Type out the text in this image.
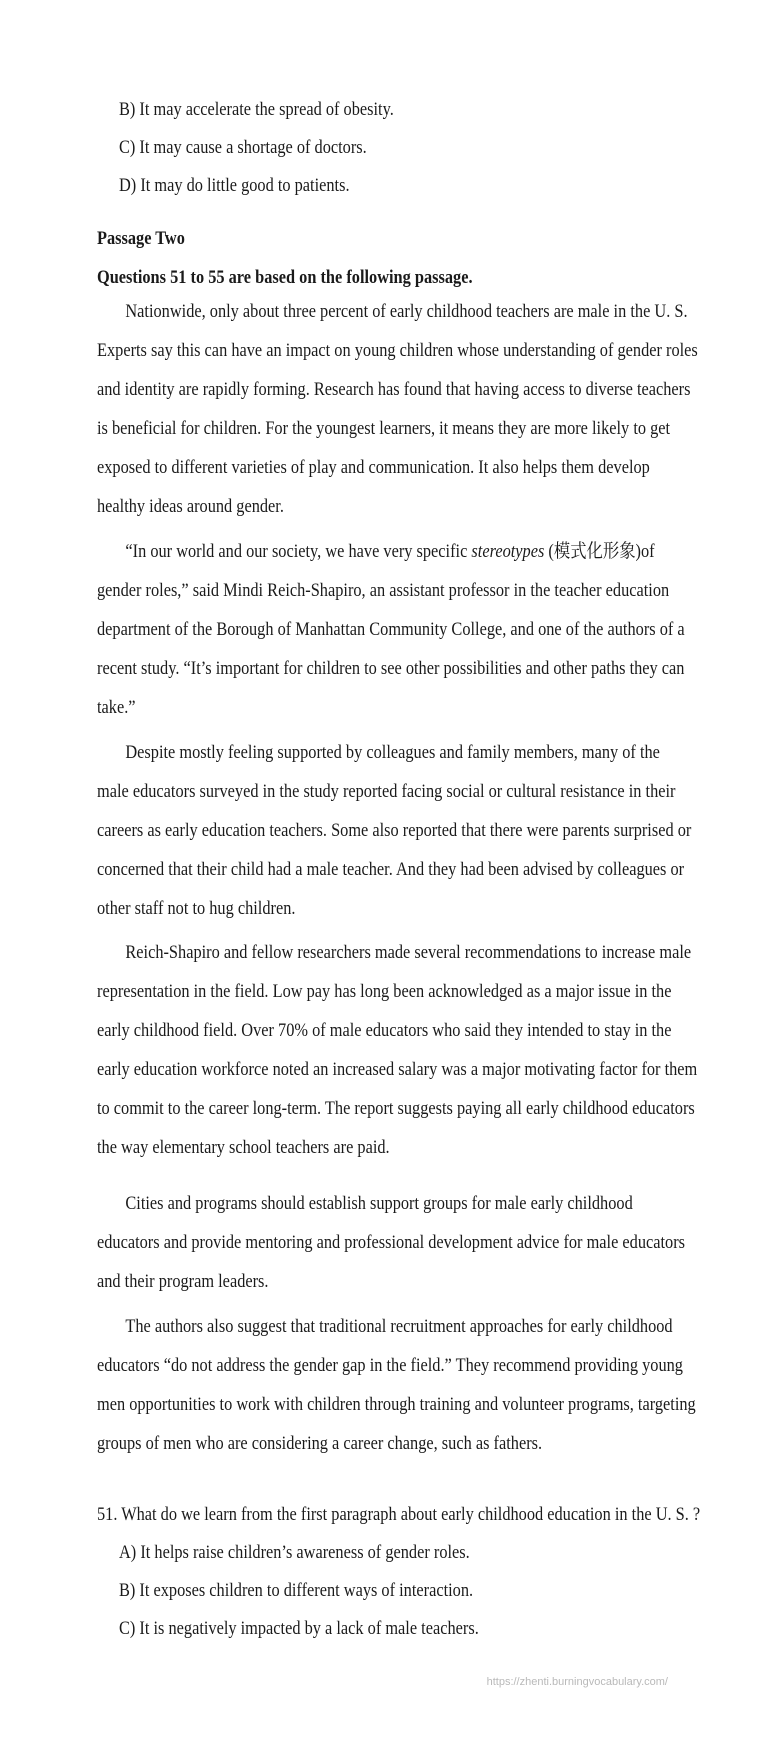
B) It may accelerate the spread of obesity.
C) It may cause a shortage of doctors.
D) It may do little good to patients.
Passage Two
Questions 51 to 55 are based on the following passage.
Nationwide, only about three percent of early childhood teachers are male in the U. S.
Experts say this can have an impact on young children whose understanding of gender roles
and identity are rapidly forming. Research has found that having access to diverse teachers
is beneficial for children. For the youngest learners, it means they are more likely to get
exposed to different varieties of play and communication. It also helps them develop
healthy ideas around gender.
“In our world and our society, we have very specific stereotypes (模式化形象)of
gender roles,” said Mindi Reich-Shapiro, an assistant professor in the teacher education
department of the Borough of Manhattan Community College, and one of the authors of a
recent study. “It’s important for children to see other possibilities and other paths they can
take.”
Despite mostly feeling supported by colleagues and family members, many of the
male educators surveyed in the study reported facing social or cultural resistance in their
careers as early education teachers. Some also reported that there were parents surprised or
concerned that their child had a male teacher. And they had been advised by colleagues or
other staff not to hug children.
Reich-Shapiro and fellow researchers made several recommendations to increase male
representation in the field. Low pay has long been acknowledged as a major issue in the
early childhood field. Over 70% of male educators who said they intended to stay in the
early education workforce noted an increased salary was a major motivating factor for them
to commit to the career long-term. The report suggests paying all early childhood educators
the way elementary school teachers are paid.
Cities and programs should establish support groups for male early childhood
educators and provide mentoring and professional development advice for male educators
and their program leaders.
The authors also suggest that traditional recruitment approaches for early childhood
educators “do not address the gender gap in the field.” They recommend providing young
men opportunities to work with children through training and volunteer programs, targeting
groups of men who are considering a career change, such as fathers.
51. What do we learn from the first paragraph about early childhood education in the U. S. ?
A) It helps raise children’s awareness of gender roles.
B) It exposes children to different ways of interaction.
C) It is negatively impacted by a lack of male teachers.
https://zhenti.burningvocabulary.com/
